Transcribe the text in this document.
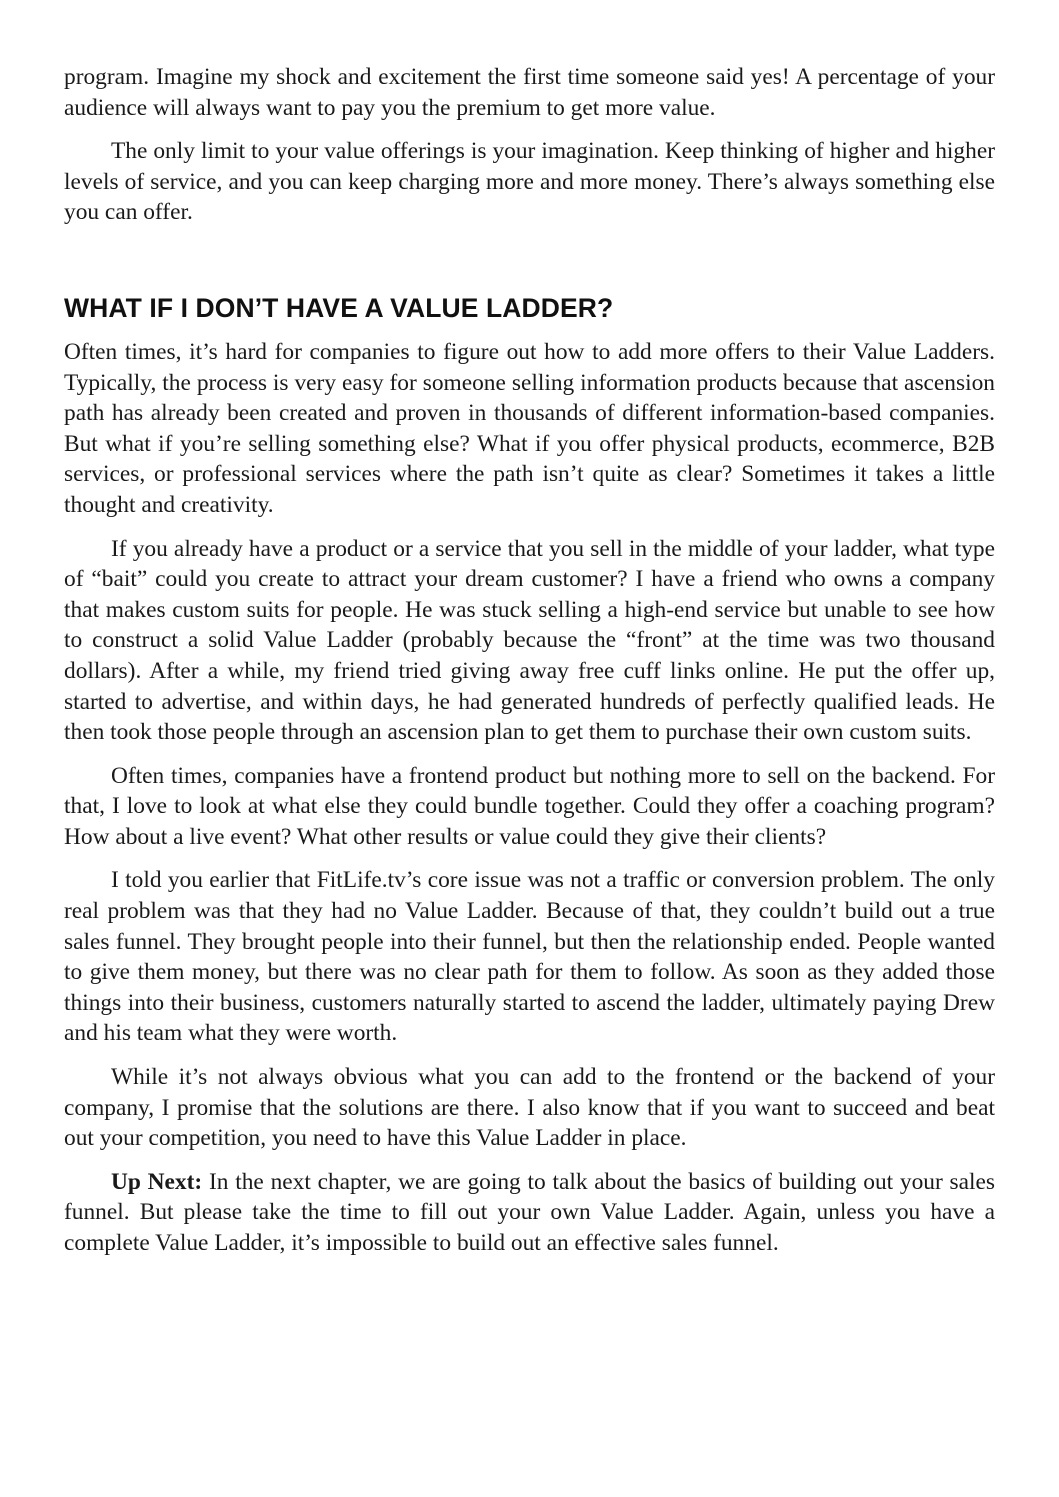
program. Imagine my shock and excitement the first time someone said yes! A percentage of your audience will always want to pay you the premium to get more value.

The only limit to your value offerings is your imagination. Keep thinking of higher and higher levels of service, and you can keep charging more and more money. There’s always something else you can offer.

WHAT IF I DON’T HAVE A VALUE LADDER?

Often times, it’s hard for companies to figure out how to add more offers to their Value Ladders. Typically, the process is very easy for someone selling information products because that ascension path has already been created and proven in thousands of different information-based companies. But what if you’re selling something else? What if you offer physical products, ecommerce, B2B services, or professional services where the path isn’t quite as clear? Sometimes it takes a little thought and creativity.

If you already have a product or a service that you sell in the middle of your ladder, what type of “bait” could you create to attract your dream customer? I have a friend who owns a company that makes custom suits for people. He was stuck selling a high-end service but unable to see how to construct a solid Value Ladder (probably because the “front” at the time was two thousand dollars). After a while, my friend tried giving away free cuff links online. He put the offer up, started to advertise, and within days, he had generated hundreds of perfectly qualified leads. He then took those people through an ascension plan to get them to purchase their own custom suits.

Often times, companies have a frontend product but nothing more to sell on the backend. For that, I love to look at what else they could bundle together. Could they offer a coaching program? How about a live event? What other results or value could they give their clients?

I told you earlier that FitLife.tv’s core issue was not a traffic or conversion problem. The only real problem was that they had no Value Ladder. Because of that, they couldn’t build out a true sales funnel. They brought people into their funnel, but then the relationship ended. People wanted to give them money, but there was no clear path for them to follow. As soon as they added those things into their business, customers naturally started to ascend the ladder, ultimately paying Drew and his team what they were worth.

While it’s not always obvious what you can add to the frontend or the backend of your company, I promise that the solutions are there. I also know that if you want to succeed and beat out your competition, you need to have this Value Ladder in place.

Up Next: In the next chapter, we are going to talk about the basics of building out your sales funnel. But please take the time to fill out your own Value Ladder. Again, unless you have a complete Value Ladder, it’s impossible to build out an effective sales funnel.
